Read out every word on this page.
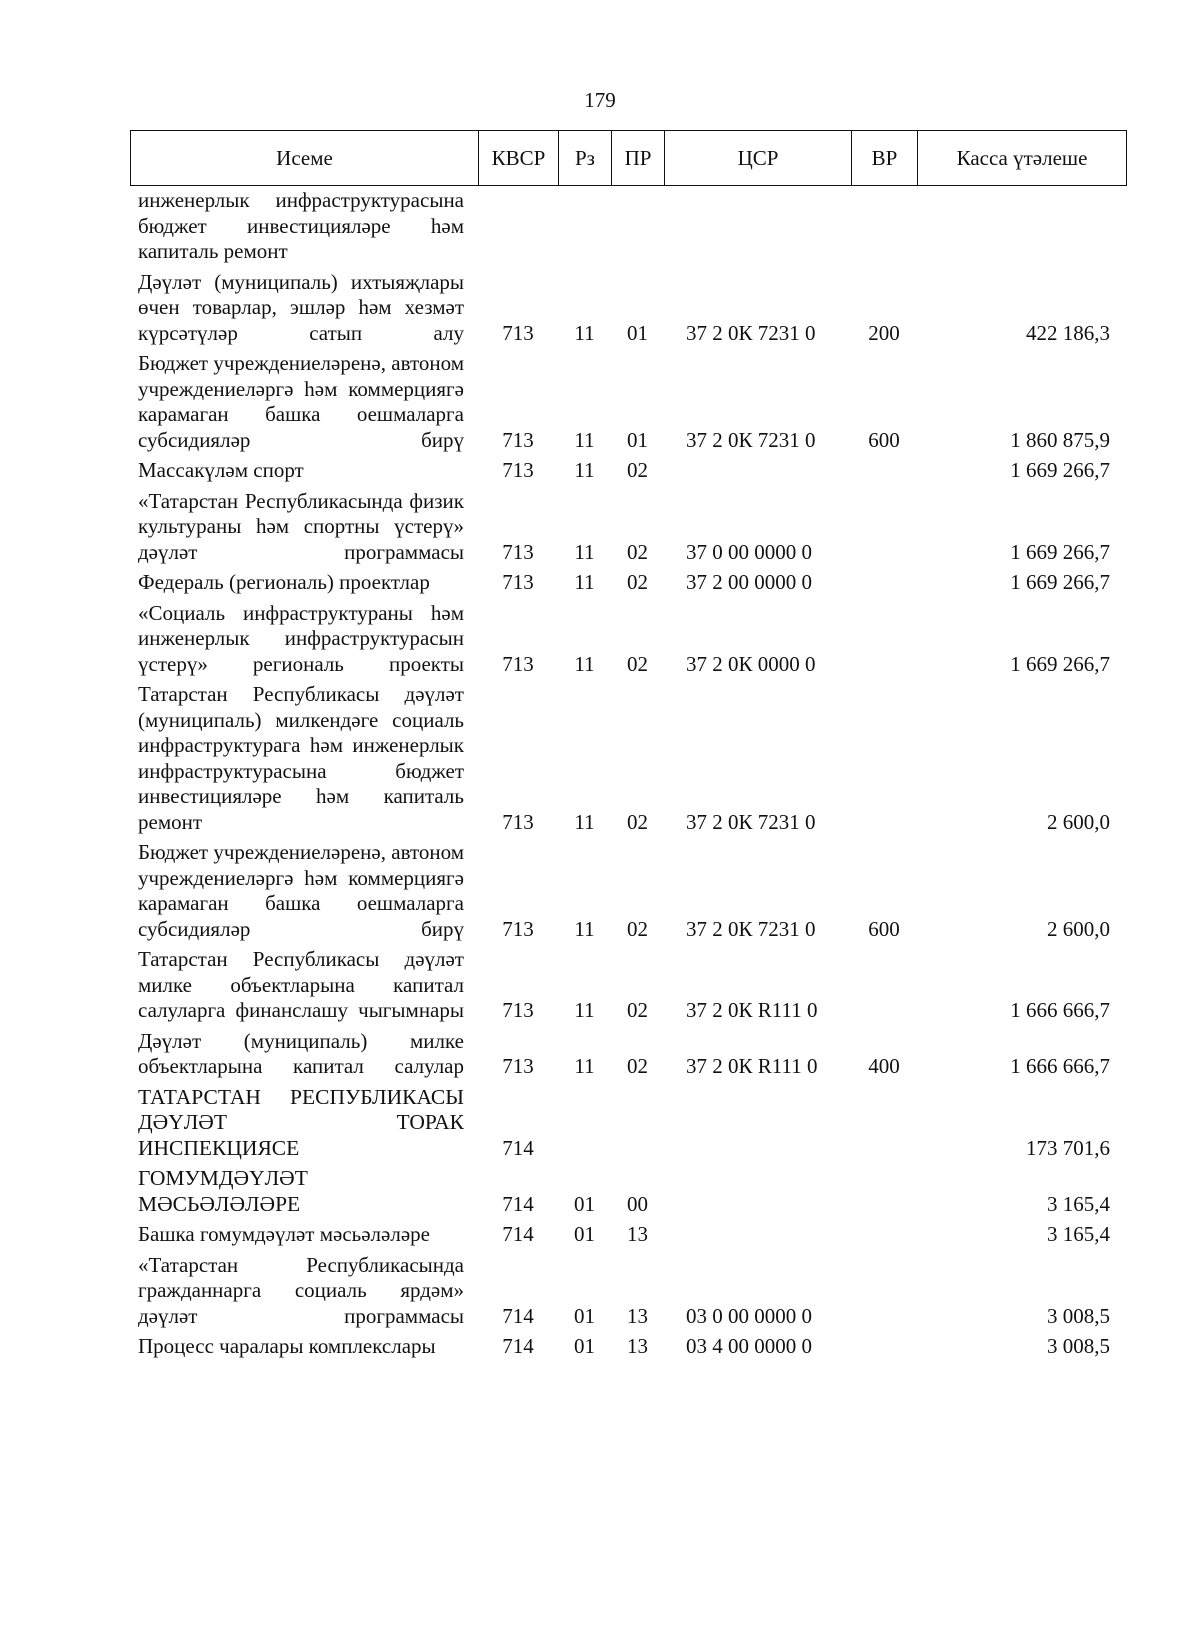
179
Исеме	КВСР	Рз	ПР	ЦСР	ВР	Касса үтәлеше
инженерлык инфраструктурасына бюджет инвестицияләре һәм капиталь ремонт						
Дәүләт (муниципаль) ихтыяҗлары өчен товарлар, эшләр һәм хезмәт күрсәтүләр сатып алу	713	11	01	37 2 0К 7231 0	200	422 186,3
Бюджет учреждениеләренә, автоном учреждениеләргә һәм коммерциягә карамаган башка оешмаларга субсидияләр бирү	713	11	01	37 2 0К 7231 0	600	1 860 875,9
Массакүләм спорт	713	11	02			1 669 266,7
«Татарстан Республикасында физик культураны һәм спортны үстерү» дәүләт программасы	713	11	02	37 0 00 0000 0		1 669 266,7
Федераль (региональ) проектлар	713	11	02	37 2 00 0000 0		1 669 266,7
«Социаль инфраструктураны һәм инженерлык инфраструктурасын үстерү» региональ проекты	713	11	02	37 2 0К 0000 0		1 669 266,7
Татарстан Республикасы дәүләт (муниципаль) милкендәге социаль инфраструктурага һәм инженерлык инфраструктурасына бюджет инвестицияләре һәм капиталь ремонт	713	11	02	37 2 0К 7231 0		2 600,0
Бюджет учреждениеләренә, автоном учреждениеләргә һәм коммерциягә карамаган башка оешмаларга субсидияләр бирү	713	11	02	37 2 0К 7231 0	600	2 600,0
Татарстан Республикасы дәүләт милке объектларына капитал салуларга финанслашу чыгымнары	713	11	02	37 2 0К R111 0		1 666 666,7
Дәүләт (муниципаль) милке объектларына капитал салулар	713	11	02	37 2 0К R111 0	400	1 666 666,7
ТАТАРСТАН РЕСПУБЛИКАСЫ ДӘҮЛӘТ ТОРАК ИНСПЕКЦИЯСЕ	714					173 701,6
ГОМУМДӘҮЛӘТ МӘСЬӘЛӘЛӘРЕ	714	01	00			3 165,4
Башка гомумдәүләт мәсьәләләре	714	01	13			3 165,4
«Татарстан Республикасында гражданнарга социаль ярдәм» дәүләт программасы	714	01	13	03 0 00 0000 0		3 008,5
Процесс чаралары комплекслары	714	01	13	03 4 00 0000 0		3 008,5
